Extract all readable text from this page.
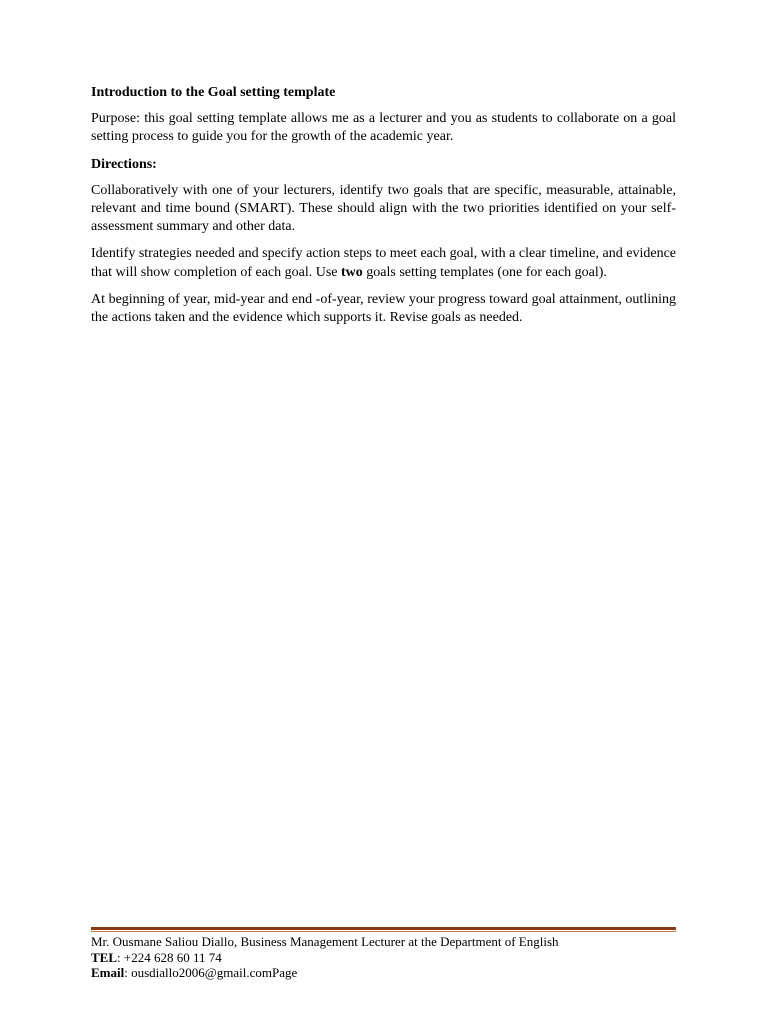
Introduction to the Goal setting template

Purpose: this goal setting template allows me as a lecturer and you as students to collaborate on a goal setting process to guide you for the growth of the academic year.

Directions:

Collaboratively with one of your lecturers, identify two goals that are specific, measurable, attainable, relevant and time bound (SMART). These should align with the two priorities identified on your self-assessment summary and other data.

Identify strategies needed and specify action steps to meet each goal, with a clear timeline, and evidence that will show completion of each goal. Use two goals setting templates (one for each goal).

At beginning of year, mid-year and end -of-year, review your progress toward goal attainment, outlining the actions taken and the evidence which supports it. Revise goals as needed.

Mr. Ousmane Saliou Diallo, Business Management Lecturer at the Department of English
TEL: +224 628 60 11 74
Email: ousdiallo2006@gmail.comPage
